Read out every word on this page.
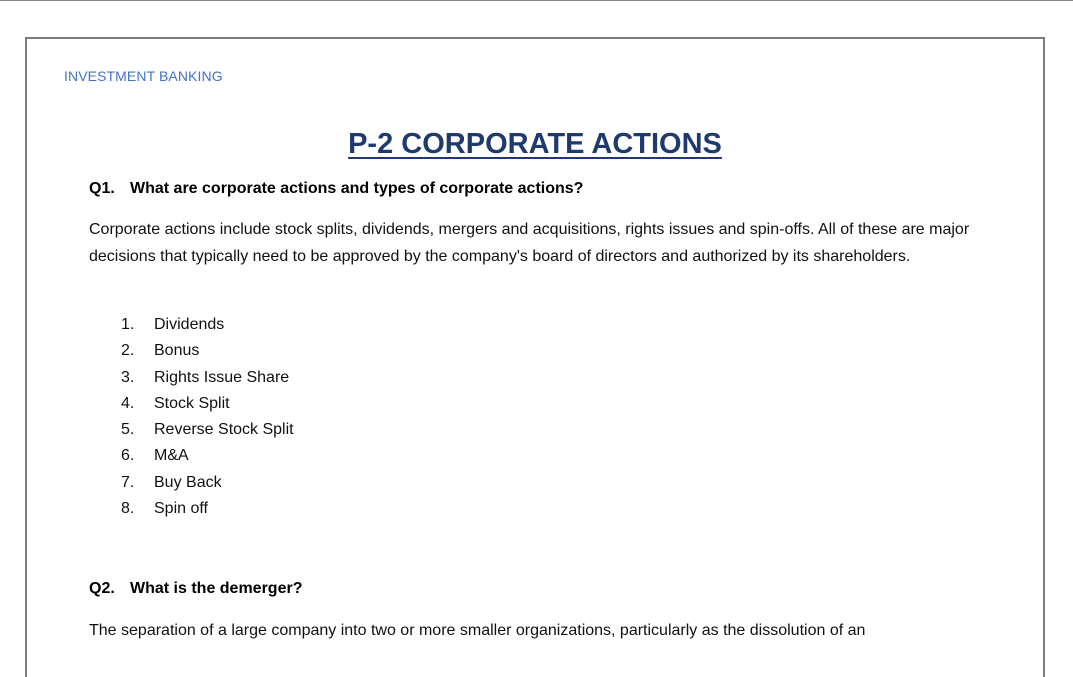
INVESTMENT BANKING
P-2 CORPORATE ACTIONS
Q1. What are corporate actions and types of corporate actions?
Corporate actions include stock splits, dividends, mergers and acquisitions, rights issues and spin-offs. All of these are major decisions that typically need to be approved by the company's board of directors and authorized by its shareholders.
1. Dividends
2. Bonus
3. Rights Issue Share
4. Stock Split
5. Reverse Stock Split
6. M&A
7. Buy Back
8. Spin off
Q2. What is the demerger?
The separation of a large company into two or more smaller organizations, particularly as the dissolution of an
